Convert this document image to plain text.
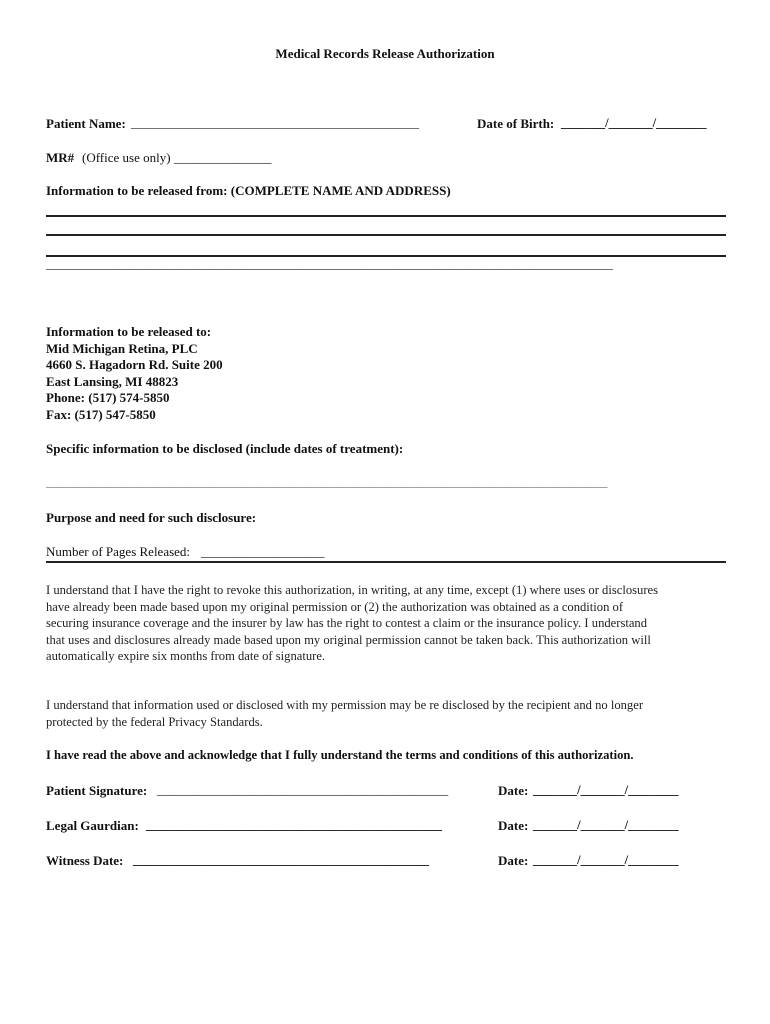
Medical Records Release Authorization
Patient Name: ________________________________________________	Date of Birth: _______/_______/________
MR# (Office use only) _______________
Information to be released from: (COMPLETE NAME AND ADDRESS)
____________________________________________________________________________________________________________
Information to be released to:
Mid Michigan Retina, PLC
4660 S. Hagadorn Rd. Suite 200
East Lansing, MI 48823
Phone: (517) 574-5850
Fax: (517) 547-5850
Specific information to be disclosed (include dates of treatment):
________________________________________________________________________________________________________
Purpose and need for such disclosure:
Number of Pages Released: ___________________
I understand that I have the right to revoke this authorization, in writing, at any time, except (1) where uses or disclosures
have already been made based upon my original permission or (2) the authorization was obtained as a condition of
securing insurance coverage and the insurer by law has the right to contest a claim or the insurance policy. I understand
that uses and disclosures already made based upon my original permission cannot be taken back. This authorization will
automatically expire six months from date of signature.
I understand that information used or disclosed with my permission may be re disclosed by the recipient and no longer
protected by the federal Privacy Standards.
I have read the above and acknowledge that I fully understand the terms and conditions of this authorization.
Patient Signature: _______________________________________________	Date: _______/_______/________
Legal Gaurdian: _______________________________________________	Date: _______/_______/________
Witness Date: _______________________________________________	Date: _______/_______/________
